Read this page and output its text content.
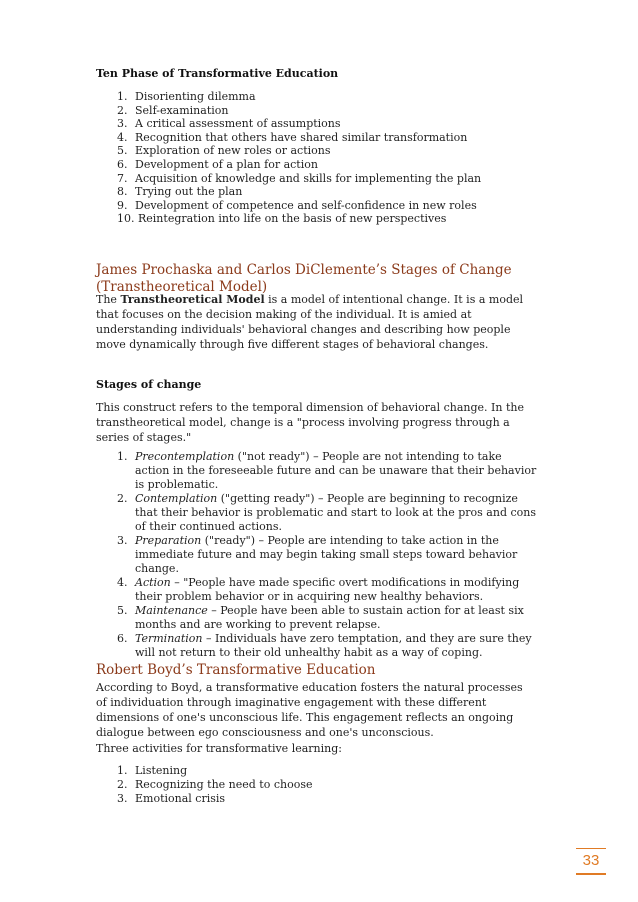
Ten Phase of Transformative Education
1. Disorienting dilemma
2. Self-examination
3. A critical assessment of assumptions
4. Recognition that others have shared similar transformation
5. Exploration of new roles or actions
6. Development of a plan for action
7. Acquisition of knowledge and skills for implementing the plan
8. Trying out the plan
9. Development of competence and self-confidence in new roles
10. Reintegration into life on the basis of new perspectives
James Prochaska and Carlos DiClemente’s Stages of Change (Transtheoretical Model)

The Transtheoretical Model is a model of intentional change. It is a model that focuses on the decision making of the individual. It is amied at understanding individuals' behavioral changes and describing how people move dynamically through five different stages of behavioral changes.

Stages of change

This construct refers to the temporal dimension of behavioral change. In the transtheoretical model, change is a "process involving progress through a series of stages."

1. Precontemplation ("not ready") – People are not intending to take action in the foreseeable future and can be unaware that their behavior is problematic.
2. Contemplation ("getting ready") – People are beginning to recognize that their behavior is problematic and start to look at the pros and cons of their continued actions.
3. Preparation ("ready") – People are intending to take action in the immediate future and may begin taking small steps toward behavior change.
4. Action – "People have made specific overt modifications in modifying their problem behavior or in acquiring new healthy behaviors.
5. Maintenance – People have been able to sustain action for at least six months and are working to prevent relapse.
6. Termination – Individuals have zero temptation, and they are sure they will not return to their old unhealthy habit as a way of coping.
Robert Boyd’s Transformative Education

According to Boyd, a transformative education fosters the natural processes of individuation through imaginative engagement with these different dimensions of one's unconscious life. This engagement reflects an ongoing dialogue between ego consciousness and one's unconscious.

Three activities for transformative learning:

1. Listening
2. Recognizing the need to choose
3. Emotional crisis
33
